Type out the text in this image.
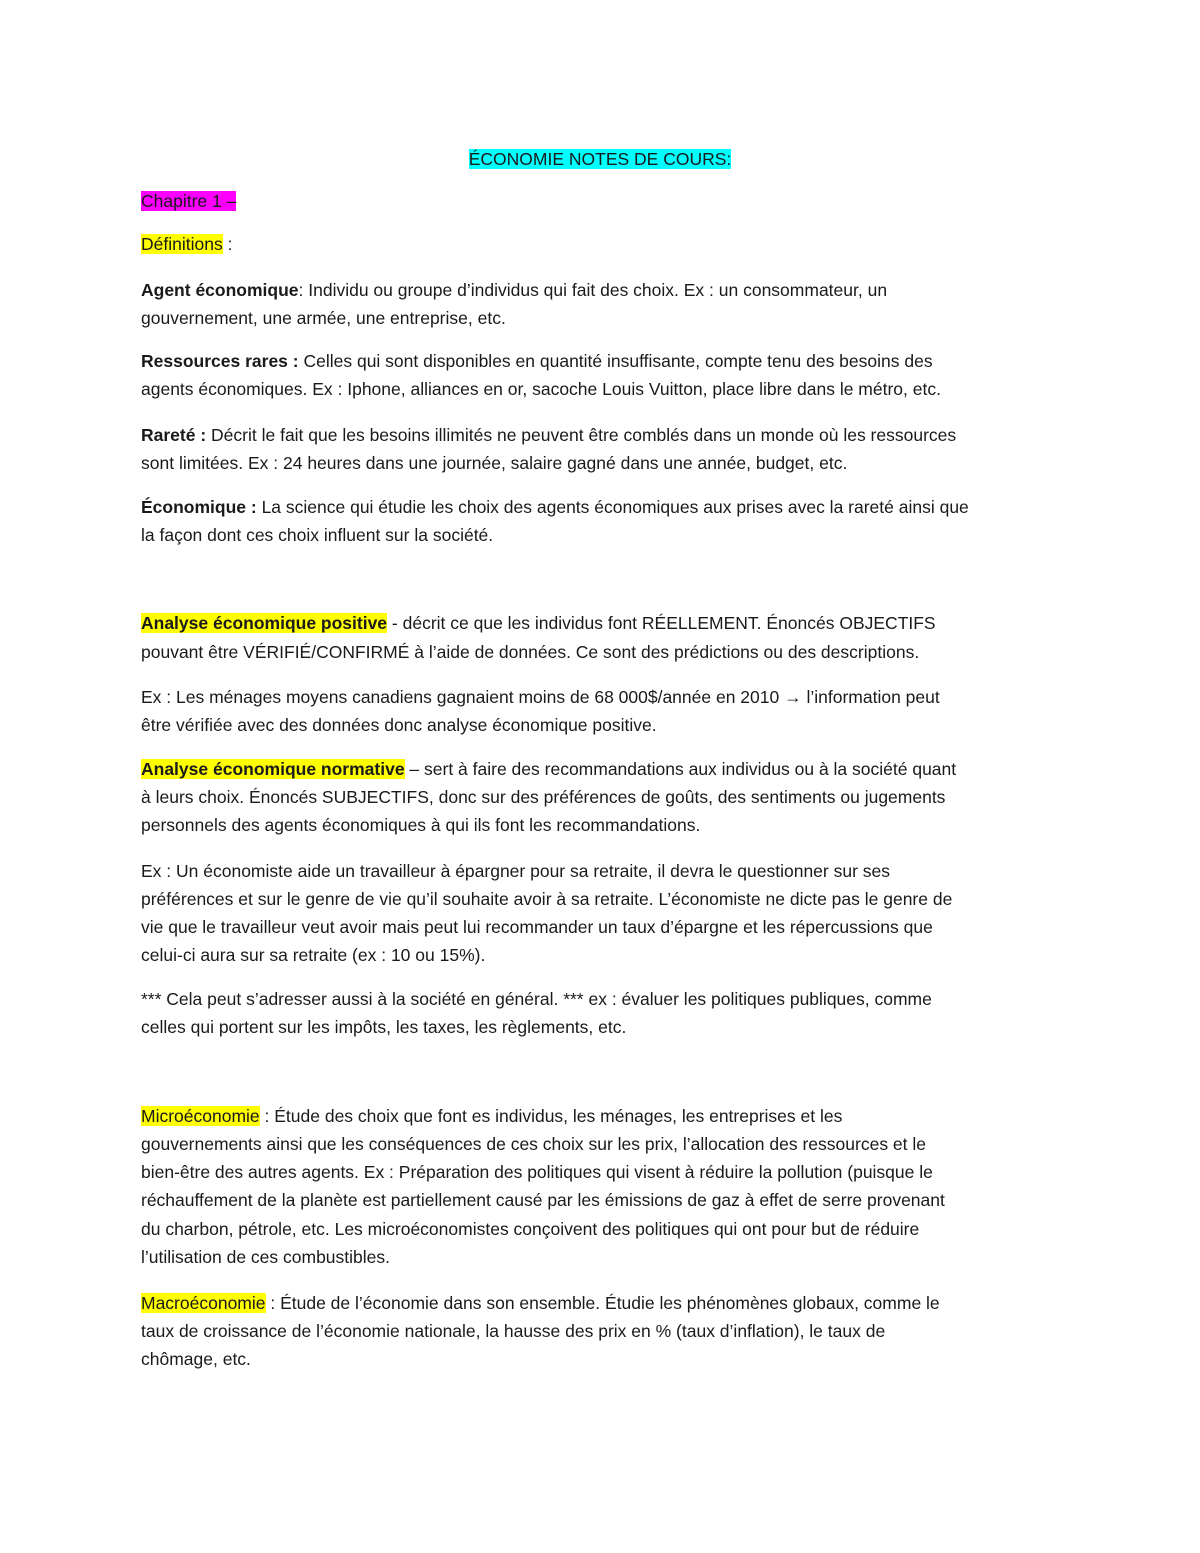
ÉCONOMIE NOTES DE COURS:
Chapitre 1 –
Définitions :
Agent économique: Individu ou groupe d’individus qui fait des choix. Ex : un consommateur, un
gouvernement, une armée, une entreprise, etc.
Ressources rares : Celles qui sont disponibles en quantité insuffisante, compte tenu des besoins des
agents économiques. Ex : Iphone, alliances en or, sacoche Louis Vuitton, place libre dans le métro, etc.
Rareté : Décrit le fait que les besoins illimités ne peuvent être comblés dans un monde où les ressources
sont limitées. Ex : 24 heures dans une journée, salaire gagné dans une année, budget, etc.
Économique : La science qui étudie les choix des agents économiques aux prises avec la rareté ainsi que
la façon dont ces choix influent sur la société.
Analyse économique positive - décrit ce que les individus font RÉELLEMENT. Énoncés OBJECTIFS
pouvant être VÉRIFIÉ/CONFIRMÉ à l’aide de données. Ce sont des prédictions ou des descriptions.
Ex : Les ménages moyens canadiens gagnaient moins de 68 000$/année en 2010 → l’information peut
être vérifiée avec des données donc analyse économique positive.
Analyse économique normative – sert à faire des recommandations aux individus ou à la société quant
à leurs choix. Énoncés SUBJECTIFS, donc sur des préférences de goûts, des sentiments ou jugements
personnels des agents économiques à qui ils font les recommandations.
Ex : Un économiste aide un travailleur à épargner pour sa retraite, il devra le questionner sur ses
préférences et sur le genre de vie qu’il souhaite avoir à sa retraite. L’économiste ne dicte pas le genre de
vie que le travailleur veut avoir mais peut lui recommander un taux d’épargne et les répercussions que
celui-ci aura sur sa retraite (ex : 10 ou 15%).
*** Cela peut s’adresser aussi à la société en général. *** ex : évaluer les politiques publiques, comme
celles qui portent sur les impôts, les taxes, les règlements, etc.
Microéconomie : Étude des choix que font es individus, les ménages, les entreprises et les
gouvernements ainsi que les conséquences de ces choix sur les prix, l’allocation des ressources et le
bien-être des autres agents. Ex : Préparation des politiques qui visent à réduire la pollution (puisque le
réchauffement de la planète est partiellement causé par les émissions de gaz à effet de serre provenant
du charbon, pétrole, etc. Les microéconomistes conçoivent des politiques qui ont pour but de réduire
l’utilisation de ces combustibles.
Macroéconomie : Étude de l’économie dans son ensemble. Étudie les phénomènes globaux, comme le
taux de croissance de l’économie nationale, la hausse des prix en % (taux d’inflation), le taux de
chômage, etc.
